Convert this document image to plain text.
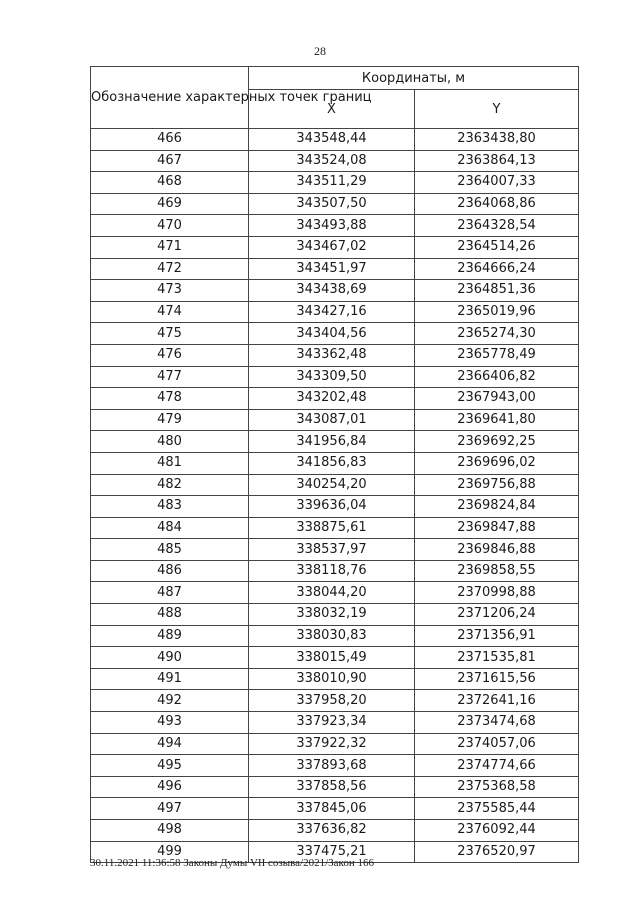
28
Обозначение характерных точек границ	Координаты, м	
	X	Y
466	343548,44	2363438,80
467	343524,08	2363864,13
468	343511,29	2364007,33
469	343507,50	2364068,86
470	343493,88	2364328,54
471	343467,02	2364514,26
472	343451,97	2364666,24
473	343438,69	2364851,36
474	343427,16	2365019,96
475	343404,56	2365274,30
476	343362,48	2365778,49
477	343309,50	2366406,82
478	343202,48	2367943,00
479	343087,01	2369641,80
480	341956,84	2369692,25
481	341856,83	2369696,02
482	340254,20	2369756,88
483	339636,04	2369824,84
484	338875,61	2369847,88
485	338537,97	2369846,88
486	338118,76	2369858,55
487	338044,20	2370998,88
488	338032,19	2371206,24
489	338030,83	2371356,91
490	338015,49	2371535,81
491	338010,90	2371615,56
492	337958,20	2372641,16
493	337923,34	2373474,68
494	337922,32	2374057,06
495	337893,68	2374774,66
496	337858,56	2375368,58
497	337845,06	2375585,44
498	337636,82	2376092,44
499	337475,21	2376520,97
30.11.2021 11:36:58 Законы Думы VII созыва/2021/Закон 166
